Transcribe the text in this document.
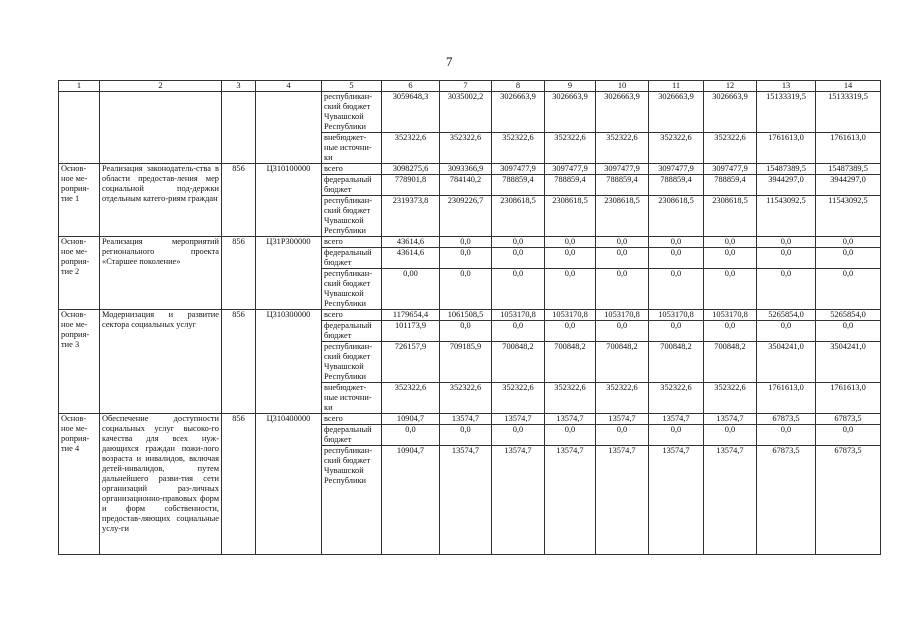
7
1	2	3	4	5	6	7	8	9	10	11	12	13	14
				республикан-ский бюджет Чувашской Республики	3059648,3	3035002,2	3026663,9	3026663,9	3026663,9	3026663,9	3026663,9	15133319,5	15133319,5
				внебюджет-ные источни-ки	352322,6	352322,6	352322,6	352322,6	352322,6	352322,6	352322,6	1761613,0	1761613,0
Основ-ное ме-роприя-тие 1	Реализация законодатель-ства в области предостав-ления мер социальной под-держки отдельным катего-риям граждан	856	Ц310100000	всего	3098275,6	3093366,9	3097477,9	3097477,9	3097477,9	3097477,9	3097477,9	15487389,5	15487389,5
				федеральный бюджет	778901,8	784140,2	788859,4	788859,4	788859,4	788859,4	788859,4	3944297,0	3944297,0
				республикан-ский бюджет Чувашской Республики	2319373,8	2309226,7	2308618,5	2308618,5	2308618,5	2308618,5	2308618,5	11543092,5	11543092,5
Основ-ное ме-роприя-тие 2	Реализация мероприятий регионального проекта «Старшее поколение»	856	Ц31P300000	всего	43614,6	0,0	0,0	0,0	0,0	0,0	0,0	0,0	0,0
				федеральный бюджет	43614,6	0,0	0,0	0,0	0,0	0,0	0,0	0,0	0,0
				республикан-ский бюджет Чувашской Республики	0,00	0,0	0,0	0,0	0,0	0,0	0,0	0,0	0,0
Основ-ное ме-роприя-тие 3	Модернизация и развитие сектора социальных услуг	856	Ц310300000	всего	1179654,4	1061508,5	1053170,8	1053170,8	1053170,8	1053170,8	1053170,8	5265854,0	5265854,0
				федеральный бюджет	101173,9	0,0	0,0	0,0	0,0	0,0	0,0	0,0	0,0
				республикан-ский бюджет Чувашской Республики	726157,9	709185,9	700848,2	700848,2	700848,2	700848,2	700848,2	3504241,0	3504241,0
				внебюджет-ные источни-ки	352322,6	352322,6	352322,6	352322,6	352322,6	352322,6	352322,6	1761613,0	1761613,0
Основ-ное ме-роприя-тие 4	Обеспечение доступности социальных услуг высоко-го качества для всех нуж-дающихся граждан пожи-лого возраста и инвалидов, включая детей-инвалидов, путем дальнейшего разви-тия сети организаций раз-личных организационно-правовых форм и форм собственности, предостав-ляющих социальные услу-ги	856	Ц310400000	всего	10904,7	13574,7	13574,7	13574,7	13574,7	13574,7	13574,7	67873,5	67873,5
				федеральный бюджет	0,0	0,0	0,0	0,0	0,0	0,0	0,0	0,0	0,0
				республикан-ский бюджет Чувашской Республики	10904,7	13574,7	13574,7	13574,7	13574,7	13574,7	13574,7	67873,5	67873,5
